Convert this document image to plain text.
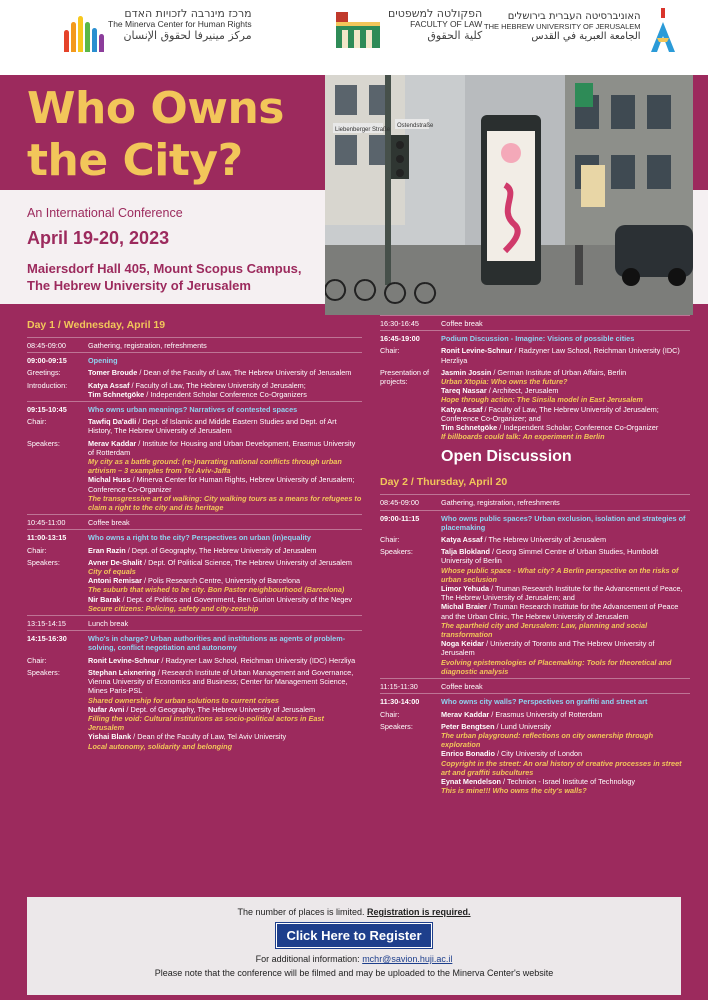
מרכז מינרבה לזכויות האדם
The Minerva Center for Human Rights
مركز مينيرفا لحقوق الإنسان
הפקולטה למשפטים
FACULTY OF LAW
كلية الحقوق
האוניברסיטה העברית בירושלים
THE HEBREW UNIVERSITY OF JERUSALEM
الجامعة العبرية في القدس
Who Owns
the City?
An International Conference
April 19-20, 2023
Maiersdorf Hall 405, Mount Scopus Campus,
The Hebrew University of Jerusalem
Liebenberger Straße
Ostendstraße
Day 1 / Wednesday, April 19
08:45-09:00	Gathering, registration, refreshments
09:00-09:15	Opening
Greetings:	Tomer Broude / Dean of the Faculty of Law, The Hebrew University of Jerusalem
Introduction:	Katya Assaf / Faculty of Law, The Hebrew University of Jerusalem;
Tim Schnetgöke / Independent Scholar Conference Co-Organizers
09:15-10:45	Who owns urban meanings? Narratives of contested spaces
Chair:	Tawfiq Da'adli / Dept. of Islamic and Middle Eastern Studies and Dept. of Art History, The Hebrew University of Jerusalem
Speakers:	Merav Kaddar / Institute for Housing and Urban Development, Erasmus University of Rotterdam
My city as a battle ground: (re-)narrating national conflicts through urban artivism – 3 examples from Tel Aviv-Jaffa
Michal Huss / Minerva Center for Human Rights, Hebrew University of Jerusalem; Conference Co-Organizer
The transgressive art of walking: City walking tours as a means for refugees to claim a right to the city and its heritage
10:45-11:00	Coffee break
11:00-13:15	Who owns a right to the city? Perspectives on urban (in)equality
Chair:	Eran Razin / Dept. of Geography, The Hebrew University of Jerusalem
Speakers:	Avner De-Shalit / Dept. Of Political Science, The Hebrew University of Jerusalem
City of equals
Antoni Remisar / Polis Research Centre, University of Barcelona
The suburb that wished to be city. Bon Pastor neighbourhood (Barcelona)
Nir Barak / Dept. of Politics and Government, Ben Gurion University of the Negev
Secure citizens: Policing, safety and city-zenship
13:15-14:15	Lunch break
14:15-16:30	Who's in charge? Urban authorities and institutions as agents of problem-solving, conflict negotiation and autonomy
Chair:	Ronit Levine-Schnur / Radzyner Law School, Reichman University (IDC) Herzliya
Speakers:	Stephan Leixnering / Research Institute of Urban Management and Governance, Vienna University of Economics and Business; Center for Management Science, Mines Paris-PSL
Shared ownership for urban solutions to current crises
Nufar Avni / Dept. of Geography, The Hebrew University of Jerusalem
Filling the void: Cultural institutions as socio-political actors in East Jerusalem
Yishai Blank / Dean of the Faculty of Law, Tel Aviv University
Local autonomy, solidarity and belonging
16:30-16:45	Coffee break
16:45-19:00	Podium Discussion - Imagine: Visions of possible cities
Chair:	Ronit Levine-Schnur / Radzyner Law School, Reichman University (IDC) Herzliya
Presentation of projects:
Jasmin Jossin / German Institute of Urban Affairs, Berlin
Urban Xtopia: Who owns the future?
Tareq Nassar / Architect, Jerusalem
Hope through action: The Sinsila model in East Jerusalem
Katya Assaf / Faculty of Law, The Hebrew University of Jerusalem; Conference Co-Organizer; and
Tim Schnetgöke / Independent Scholar; Conference Co-Organizer
If billboards could talk: An experiment in Berlin
Open Discussion
Day 2 / Thursday, April 20
08:45-09:00	Gathering, registration, refreshments
09:00-11:15	Who owns public spaces? Urban exclusion, isolation and strategies of placemaking
Chair:	Katya Assaf / The Hebrew University of Jerusalem
Speakers:	Talja Blokland / Georg Simmel Centre of Urban Studies, Humboldt University of Berlin
Whose public space - What city? A Berlin perspective on the risks of urban seclusion
Limor Yehuda / Truman Research Institute for the Advancement of Peace, The Hebrew University of Jerusalem; and
Michal Braier / Truman Research Institute for the Advancement of Peace and the Urban Clinic, The Hebrew University of Jerusalem
The apartheid city and Jerusalem: Law, planning and social transformation
Noga Keidar / University of Toronto and The Hebrew University of Jerusalem
Evolving epistemologies of Placemaking: Tools for theoretical and diagnostic analysis
11:15-11:30	Coffee break
11:30-14:00	Who owns city walls? Perspectives on graffiti and street art
Chair:	Merav Kaddar / Erasmus University of Rotterdam
Speakers:	Peter Bengtsen / Lund University
The urban playground: reflections on city ownership through exploration
Enrico Bonadio / City University of London
Copyright in the street: An oral history of creative processes in street art and graffiti subcultures
Eynat Mendelson / Technion - Israel Institute of Technology
This is mine!!! Who owns the city's walls?
The number of places is limited. Registration is required.
Click Here to Register
For additional information: mchr@savion.huji.ac.il
Please note that the conference will be filmed and may be uploaded to the Minerva Center's website
